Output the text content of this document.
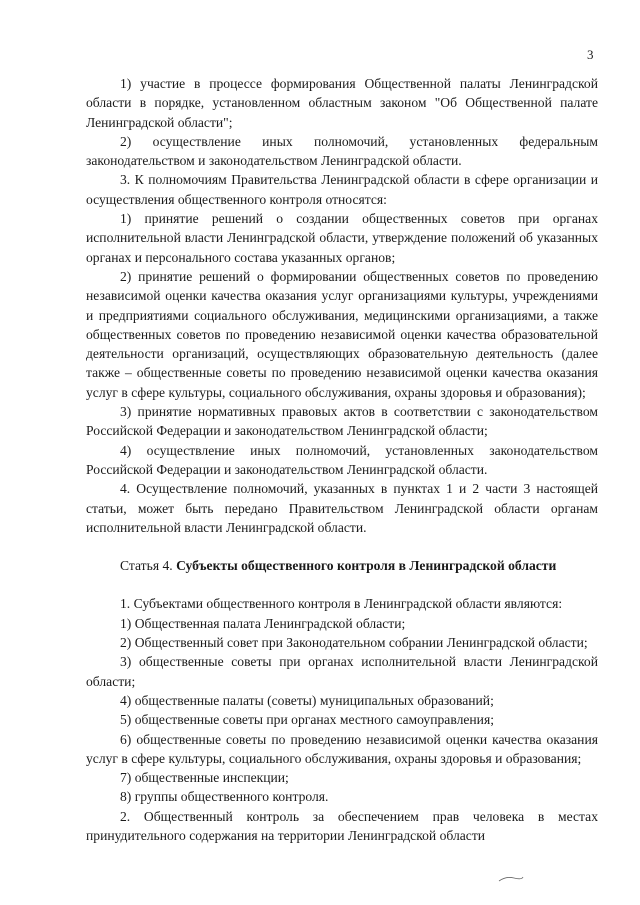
3

1) участие в процессе формирования Общественной палаты Ленинградской области в порядке, установленном областным законом "Об Общественной палате Ленинградской области";

2) осуществление иных полномочий, установленных федеральным законодательством и законодательством Ленинградской области.

3. К полномочиям Правительства Ленинградской области в сфере организации и осуществления общественного контроля относятся:

1) принятие решений о создании общественных советов при органах исполнительной власти Ленинградской области, утверждение положений об указанных органах и персонального состава указанных органов;

2) принятие решений о формировании общественных советов по проведению независимой оценки качества оказания услуг организациями культуры, учреждениями и предприятиями социального обслуживания, медицинскими организациями, а также общественных советов по проведению независимой оценки качества образовательной деятельности организаций, осуществляющих образовательную деятельность (далее также – общественные советы по проведению независимой оценки качества оказания услуг в сфере культуры, социального обслуживания, охраны здоровья и образования);

3) принятие нормативных правовых актов в соответствии с законодательством Российской Федерации и законодательством Ленинградской области;

4) осуществление иных полномочий, установленных законодательством Российской Федерации и законодательством Ленинградской области.

4. Осуществление полномочий, указанных в пунктах 1 и 2 части 3 настоящей статьи, может быть передано Правительством Ленинградской области органам исполнительной власти Ленинградской области.

Статья 4. Субъекты общественного контроля в Ленинградской области

1. Субъектами общественного контроля в Ленинградской области являются:

1) Общественная палата Ленинградской области;

2) Общественный совет при Законодательном собрании Ленинградской области;

3) общественные советы при органах исполнительной власти Ленинградской области;

4) общественные палаты (советы) муниципальных образований;

5) общественные советы при органах местного самоуправления;

6) общественные советы по проведению независимой оценки качества оказания услуг в сфере культуры, социального обслуживания, охраны здоровья и образования;

7) общественные инспекции;

8) группы общественного контроля.

2. Общественный контроль за обеспечением прав человека в местах принудительного содержания на территории Ленинградской области
